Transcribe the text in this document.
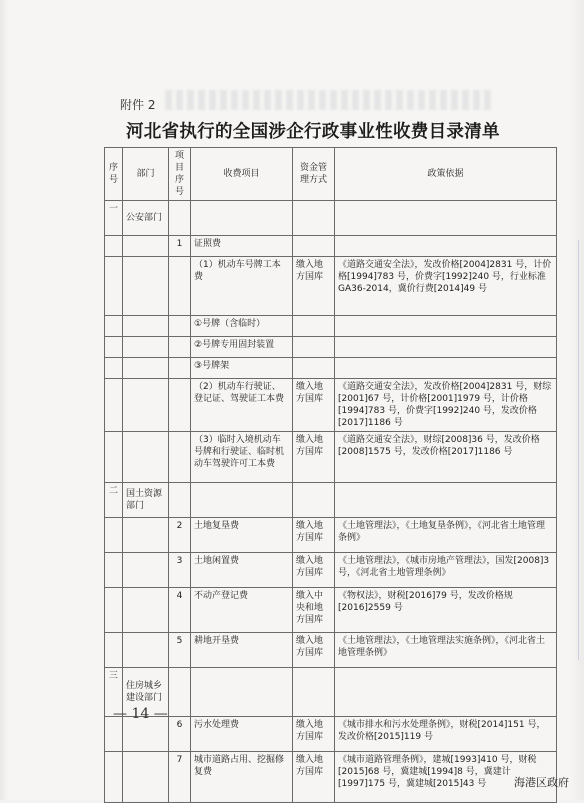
附件 2
河北省执行的全国涉企行政事业性收费目录清单
序号	部门	项目序号	收费项目	资金管理方式	政策依据
一	公安部门				
		1	证照费		
			（1）机动车号牌工本费	缴入地方国库	《道路交通安全法》，发改价格[2004]2831 号，计价格[1994]783 号，价费字[1992]240 号，行业标准 GA36-2014，冀价行费[2014]49 号
			①号牌（含临时）		
			②号牌专用固封装置		
			③号牌架		
			（2）机动车行驶证、登记证、驾驶证工本费	缴入地方国库	《道路交通安全法》，发改价格[2004]2831 号，财综[2001]67 号，计价格[2001]1979 号，计价格[1994]783 号，价费字[1992]240 号，发改价格[2017]1186 号
			（3）临时入境机动车号牌和行驶证、临时机动车驾驶许可工本费	缴入地方国库	《道路交通安全法》，财综[2008]36 号，发改价格[2008]1575 号，发改价格[2017]1186 号
二	国土资源部门				
		2	土地复垦费	缴入地方国库	《土地管理法》，《土地复垦条例》，《河北省土地管理条例》
		3	土地闲置费	缴入地方国库	《土地管理法》，《城市房地产管理法》，国发[2008]3 号，《河北省土地管理条例》
		4	不动产登记费	缴入中央和地方国库	《物权法》，财税[2016]79 号，发改价格规[2016]2559 号
		5	耕地开垦费	缴入地方国库	《土地管理法》，《土地管理法实施条例》，《河北省土地管理条例》
三	住房城乡建设部门				
		6	污水处理费	缴入地方国库	《城市排水和污水处理条例》，财税[2014]151 号，发改价格[2015]119 号
		7	城市道路占用、挖掘修复费	缴入地方国库	《城市道路管理条例》，建城[1993]410 号，财税[2015]68 号，冀建城[1994]8 号，冀建计[1997]175 号，冀建城[2015]43 号
— 14 —
海港区政府
